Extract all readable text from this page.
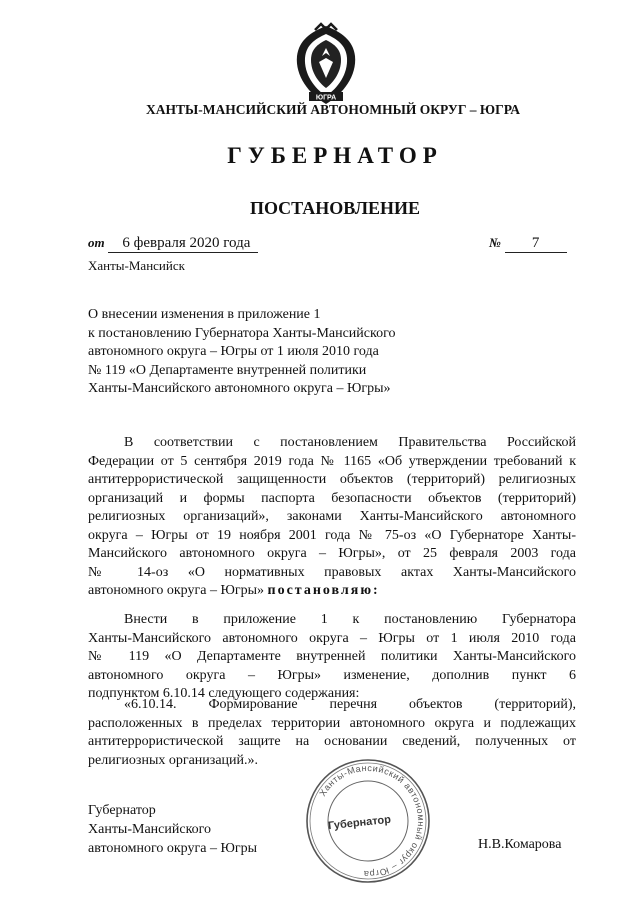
ЮГРА
ХАНТЫ-МАНСИЙСКИЙ АВТОНОМНЫЙ ОКРУГ – ЮГРА
ГУБЕРНАТОР
ПОСТАНОВЛЕНИЕ
от 6 февраля 2020 года	№ 7
Ханты-Мансийск
О внесении изменения в приложение 1
к постановлению Губернатора Ханты-Мансийского
автономного округа – Югры от 1 июля 2010 года
№ 119 «О Департаменте внутренней политики
Ханты-Мансийского автономного округа – Югры»
В соответствии с постановлением Правительства Российской
Федерации от 5 сентября 2019 года № 1165 «Об утверждении требований к
антитеррористической защищенности объектов (территорий) религиозных
организаций и формы паспорта безопасности объектов (территорий)
религиозных организаций», законами Ханты-Мансийского автономного
округа – Югры от 19 ноября 2001 года № 75-оз «О Губернаторе Ханты-
Мансийского автономного округа – Югры», от 25 февраля 2003 года
№ 14-оз «О нормативных правовых актах Ханты-Мансийского
автономного округа – Югры» постановляю:
Внести в приложение 1 к постановлению Губернатора
Ханты-Мансийского автономного округа – Югры от 1 июля 2010 года
№ 119 «О Департаменте внутренней политики Ханты-Мансийского
автономного округа – Югры» изменение, дополнив пункт 6
подпунктом 6.10.14 следующего содержания:
«6.10.14. Формирование перечня объектов (территорий),
расположенных в пределах территории автономного округа и подлежащих
антитеррористической защите на основании сведений, полученных от
религиозных организаций.».
Ханты-Мансийский автономный округ – Югра
Губернатор
Губернатор
Ханты-Мансийского
автономного округа – Югры	Н.В.Комарова
